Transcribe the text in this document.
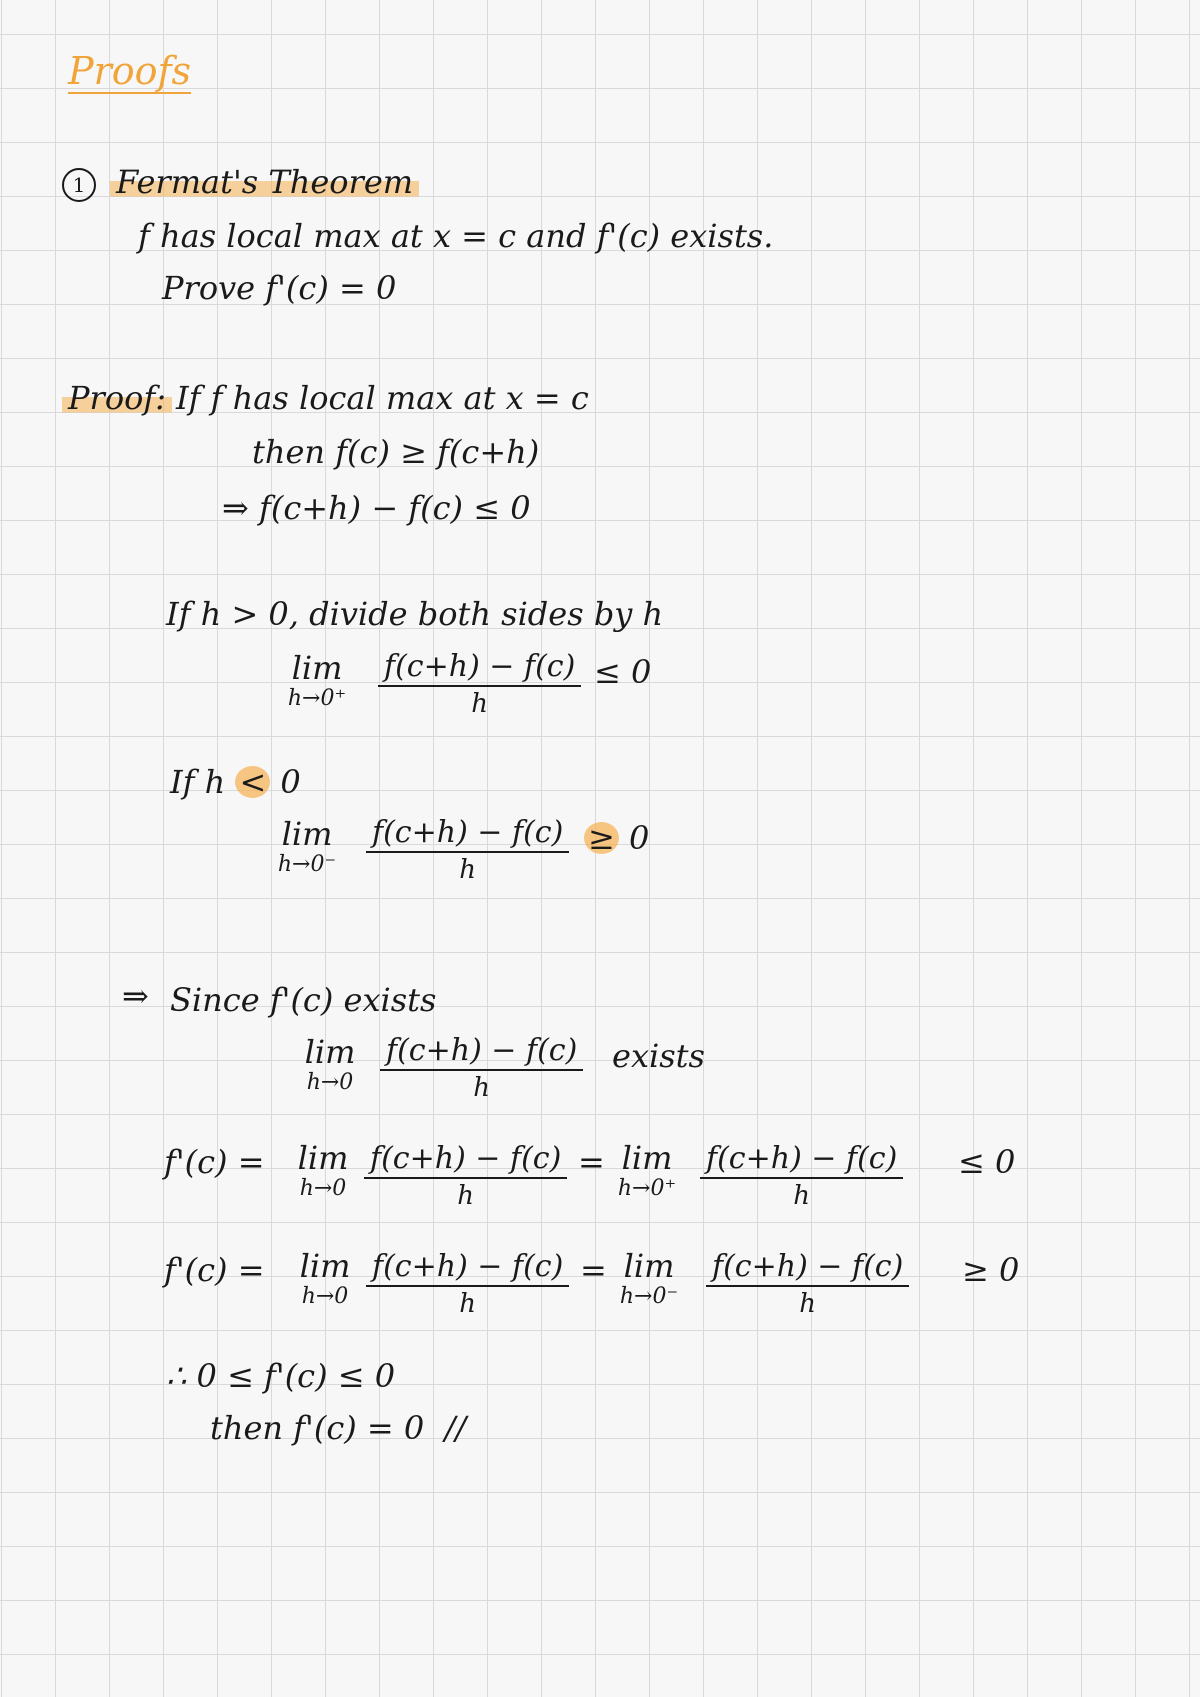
Proofs
1 Fermat's Theorem
f has local max at x = c and f'(c) exists.
Prove f'(c) = 0
Proof: If f has local max at x = c
then f(c) ≥ f(c+h)
⇒ f(c+h) − f(c) ≤ 0
If h > 0, divide both sides by h
lim
h→0⁺	$\frac{f(c+h) - f(c)}{h} \le 0$
If h < 0
lim
$h\to 0^- \frac{f(c+h) - f(c)}{h} \ge 0$
⇒ Since f'(c) exists
lim
$h\to 0 \frac{f(c+h) - f(c)}{h}$ exists
f'(c) =	lim
$h\to 0 \frac{f(c+h) - f(c)}{h} = \lim$
$h\to 0^+ \frac{f(c+h) - f(c)}{h} \le 0$
f'(c) =	lim
$h\to 0 \frac{f(c+h) - f(c)}{h} = \lim$
$h\to 0^- \frac{f(c+h) - f(c)}{h} \ge 0$
∴ 0 ≤ f'(c) ≤ 0
then f'(c) = 0 //
